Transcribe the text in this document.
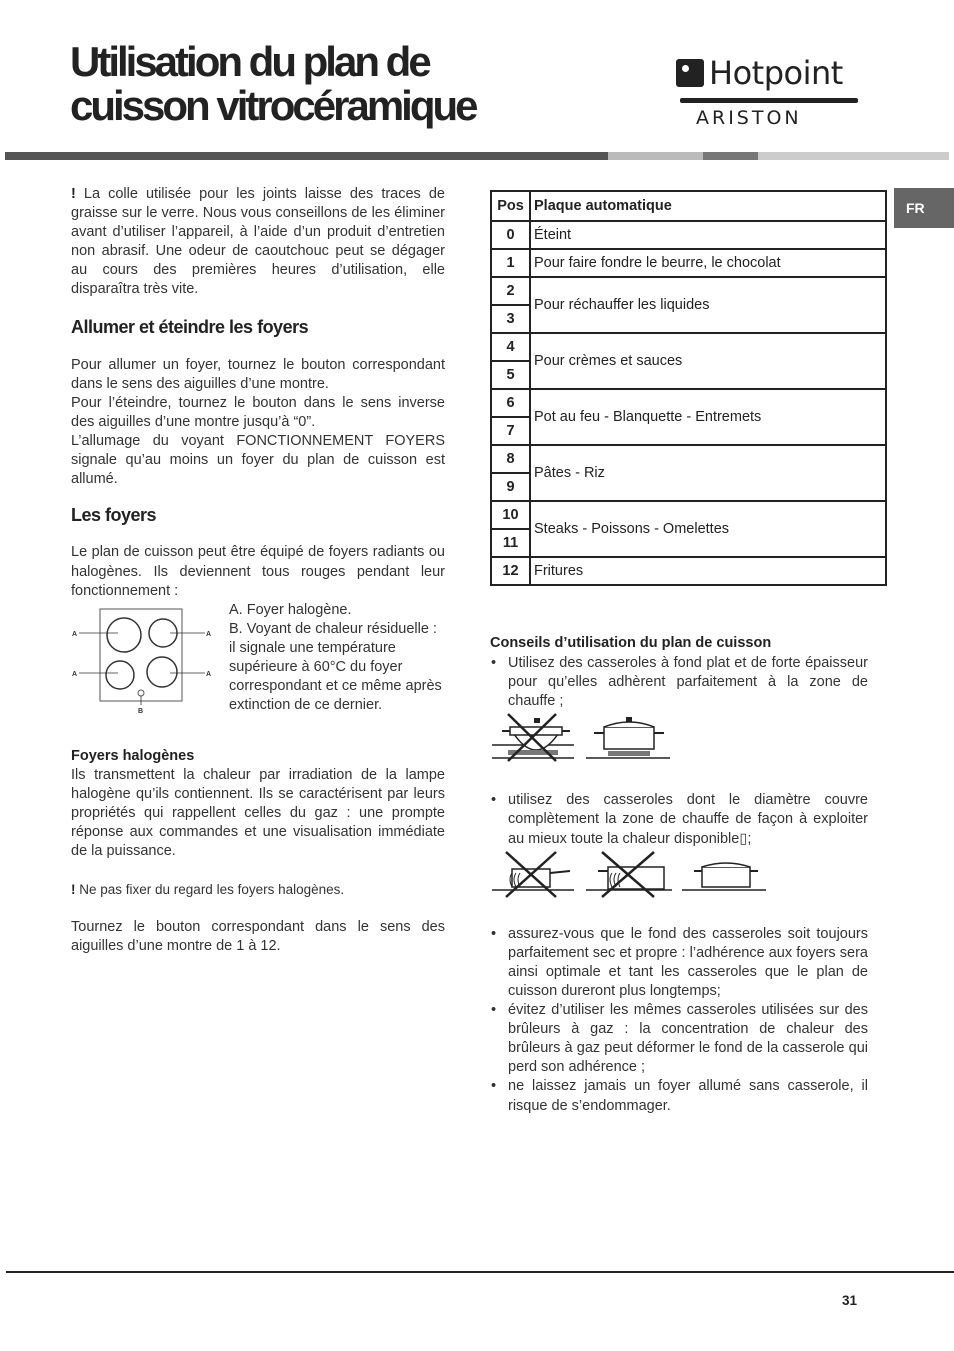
Utilisation du plan de
cuisson vitrocéramique
Hotpoint
ARISTON
FR

! La colle utilisée pour les joints laisse des traces de graisse sur le verre. Nous vous conseillons de les éliminer avant d’utiliser l’appareil, à l’aide d’un produit d’entretien non abrasif. Une odeur de caoutchouc peut se dégager au cours des premières heures d’utilisation, elle disparaîtra très vite.

Allumer et éteindre les foyers

Pour allumer un foyer, tournez le bouton correspondant dans le sens des aiguilles d’une montre.

Pour l’éteindre, tournez le bouton dans le sens inverse des aiguilles d’une montre jusqu’à “0”.

L’allumage du voyant FONCTIONNEMENT FOYERS signale qu’au moins un foyer du plan de cuisson est allumé.

Les foyers

Le plan de cuisson peut être équipé de foyers radiants ou halogènes. Ils deviennent tous rouges pendant leur fonctionnement :

A	A
A	A
B

A. Foyer halogène.

B. Voyant de chaleur résiduelle : il signale une température supérieure à 60°C du foyer correspondant et ce même après extinction de ce dernier.

Foyers halogènes

Ils transmettent la chaleur par irradiation de la lampe halogène qu’ils contiennent. Ils se caractérisent par leurs propriétés qui rappellent celles du gaz : une prompte réponse aux commandes et une visualisation immédiate de la puissance.

! Ne pas fixer du regard les foyers halogènes.

Tournez le bouton correspondant dans le sens des aiguilles d’une montre de 1 à 12.

Pos	Plaque automatique
0	Éteint
1	Pour faire fondre le beurre, le chocolat
2	Pour réchauffer les liquides
3	
4	Pour crèmes et sauces
5	
6	Pot au feu - Blanquette - Entremets
7	
8	Pâtes - Riz
9	
10	Steaks - Poissons - Omelettes
11	
12	Fritures
Conseils d’utilisation du plan de cuisson

• Utilisez des casseroles à fond plat et de forte épaisseur pour qu’elles adhèrent parfaitement à la zone de chauffe ;

• utilisez des casseroles dont le diamètre couvre complètement la zone de chauffe de façon à exploiter au mieux toute la chaleur disponible▯;

• assurez-vous que le fond des casseroles soit toujours parfaitement sec et propre : l’adhérence aux foyers sera ainsi optimale et tant les casseroles que le plan de cuisson dureront plus longtemps;

• évitez d’utiliser les mêmes casseroles utilisées sur des brûleurs à gaz : la concentration de chaleur des brûleurs à gaz peut déformer le fond de la casserole qui perd son adhérence ;

• ne laissez jamais un foyer allumé sans casserole, il risque de s’endommager.

31
